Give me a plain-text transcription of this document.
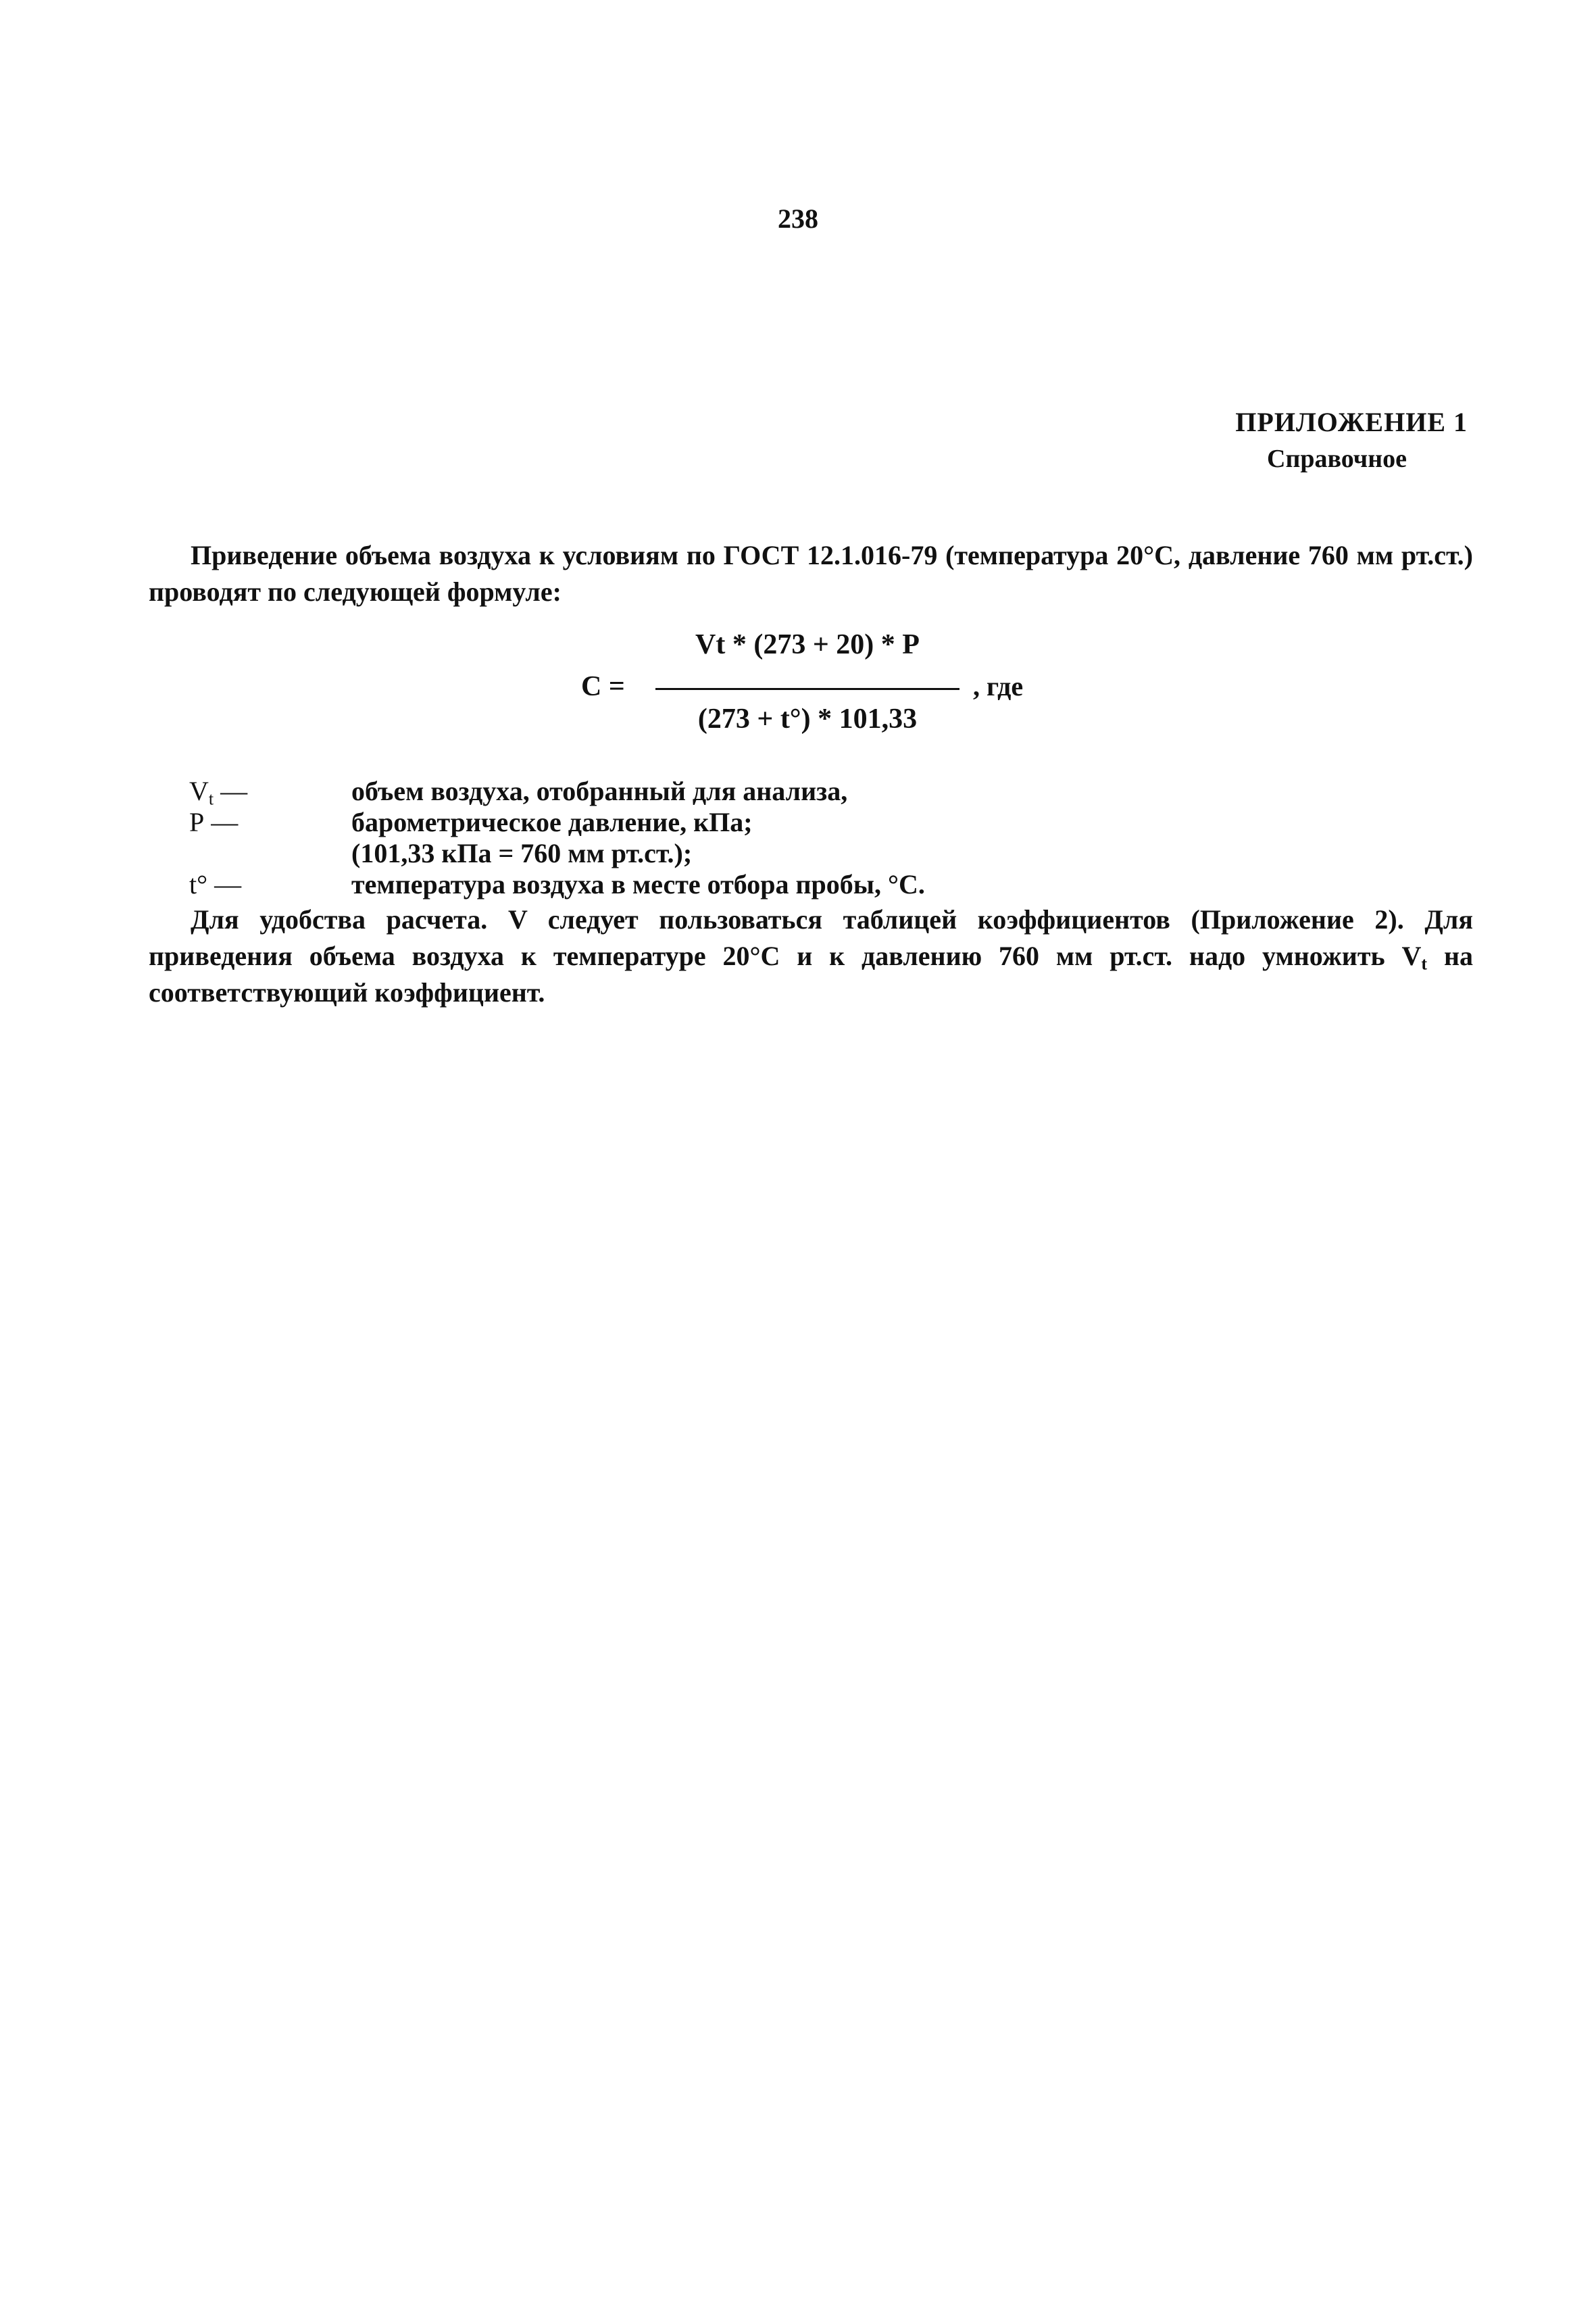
238
ПРИЛОЖЕНИЕ 1
Справочное
Приведение объема воздуха к условиям по ГОСТ 12.1.016-79 (температура 20°С, давление 760 мм рт.ст.) проводят по следующей формуле:
C =
Vt * (273 + 20) * P
(273 + t°) * 101,33
, где
$V_t$ —	объем воздуха, отобранный для анализа,
P —	барометрическое давление, кПа;
(101,33 кПа = 760 мм рт.ст.);
t° —	температура воздуха в месте отбора пробы, °С.
Для удобства расчета. V следует пользоваться таблицей коэффициентов (Приложение 2). Для приведения объема воздуха к температуре 20°С и к давлению 760 мм рт.ст. надо умножить $V_t$ на соответствующий коэффициент.
